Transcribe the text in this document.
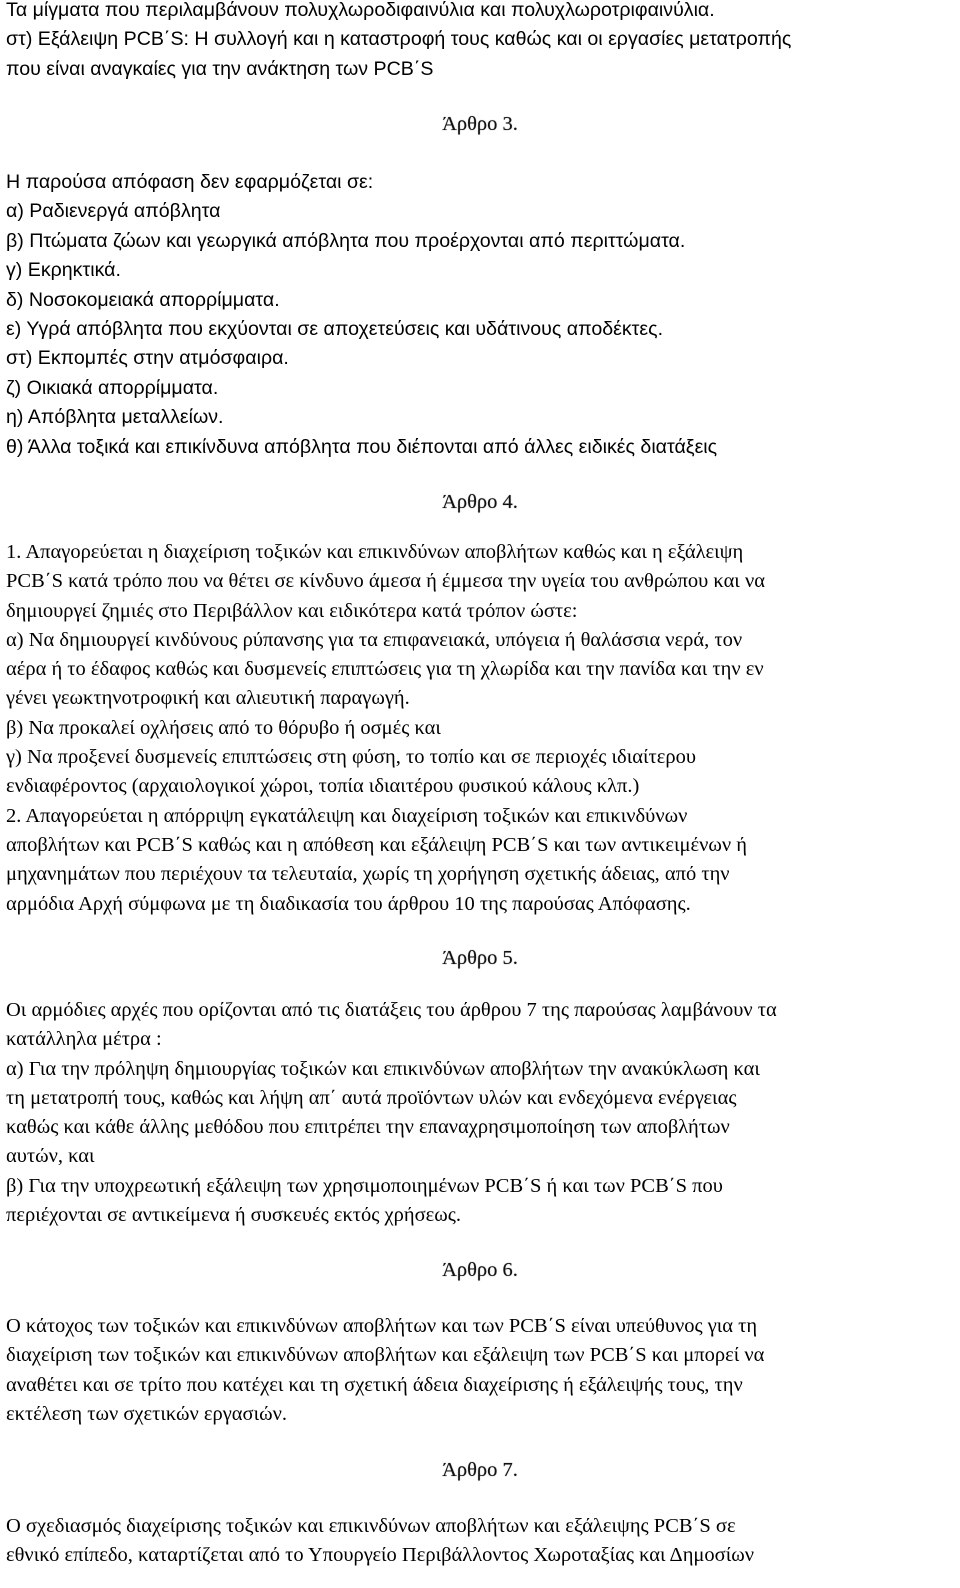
Τα μίγματα που περιλαμβάνουν πολυχλωροδιφαινύλια και πολυχλωροτριφαινύλια.
στ) Εξάλειψη PCB΄S: Η συλλογή και η καταστροφή τους καθώς και οι εργασίες μετατροπής
που είναι αναγκαίες για την ανάκτηση των PCB΄S
Άρθρο 3.
Η παρούσα απόφαση δεν εφαρμόζεται σε:
α) Ραδιενεργά απόβλητα
β) Πτώματα ζώων και γεωργικά απόβλητα που προέρχονται από περιττώματα.
γ) Εκρηκτικά.
δ) Νοσοκομειακά απορρίμματα.
ε) Υγρά απόβλητα που εκχύονται σε αποχετεύσεις και υδάτινους αποδέκτες.
στ) Εκπομπές στην ατμόσφαιρα.
ζ) Οικιακά απορρίμματα.
η) Απόβλητα μεταλλείων.
θ) Άλλα τοξικά και επικίνδυνα απόβλητα που διέπονται από άλλες ειδικές διατάξεις
Άρθρο 4.
1. Απαγορεύεται η διαχείριση τοξικών και επικινδύνων αποβλήτων καθώς και η εξάλειψη
PCB΄S κατά τρόπο που να θέτει σε κίνδυνο άμεσα ή έμμεσα την υγεία του ανθρώπου και να
δημιουργεί ζημιές στο Περιβάλλον και ειδικότερα κατά τρόπον ώστε:
α) Να δημιουργεί κινδύνους ρύπανσης για τα επιφανειακά, υπόγεια ή θαλάσσια νερά, τον
αέρα ή το έδαφος καθώς και δυσμενείς επιπτώσεις για τη χλωρίδα και την πανίδα και την εν
γένει γεωκτηνοτροφική και αλιευτική παραγωγή.
β) Να προκαλεί οχλήσεις από το θόρυβο ή οσμές και
γ) Να προξενεί δυσμενείς επιπτώσεις στη φύση, το τοπίο και σε περιοχές ιδιαίτερου
ενδιαφέροντος (αρχαιολογικοί χώροι, τοπία ιδιαιτέρου φυσικού κάλους κλπ.)
2. Απαγορεύεται η απόρριψη εγκατάλειψη και διαχείριση τοξικών και επικινδύνων
αποβλήτων και PCB΄S καθώς και η απόθεση και εξάλειψη PCB΄S και των αντικειμένων ή
μηχανημάτων που περιέχουν τα τελευταία, χωρίς τη χορήγηση σχετικής άδειας, από την
αρμόδια Αρχή σύμφωνα με τη διαδικασία του άρθρου 10 της παρούσας Απόφασης.
Άρθρο 5.
Οι αρμόδιες αρχές που ορίζονται από τις διατάξεις του άρθρου 7 της παρούσας λαμβάνουν τα
κατάλληλα μέτρα :
α) Για την πρόληψη δημιουργίας τοξικών και επικινδύνων αποβλήτων την ανακύκλωση και
τη μετατροπή τους, καθώς και λήψη απ΄ αυτά προϊόντων υλών και ενδεχόμενα ενέργειας
καθώς και κάθε άλλης μεθόδου που επιτρέπει την επαναχρησιμοποίηση των αποβλήτων
αυτών, και
β) Για την υποχρεωτική εξάλειψη των χρησιμοποιημένων PCB΄S ή και των PCB΄S που
περιέχονται σε αντικείμενα ή συσκευές εκτός χρήσεως.
Άρθρο 6.
Ο κάτοχος των τοξικών και επικινδύνων αποβλήτων και των PCB΄S είναι υπεύθυνος για τη
διαχείριση των τοξικών και επικινδύνων αποβλήτων και εξάλειψη των PCB΄S και μπορεί να
αναθέτει και σε τρίτο που κατέχει και τη σχετική άδεια διαχείρισης ή εξάλειψής τους, την
εκτέλεση των σχετικών εργασιών.
Άρθρο 7.
Ο σχεδιασμός διαχείρισης τοξικών και επικινδύνων αποβλήτων και εξάλειψης PCB΄S σε
εθνικό επίπεδο, καταρτίζεται από το Υπουργείο Περιβάλλοντος Χωροταξίας και Δημοσίων
